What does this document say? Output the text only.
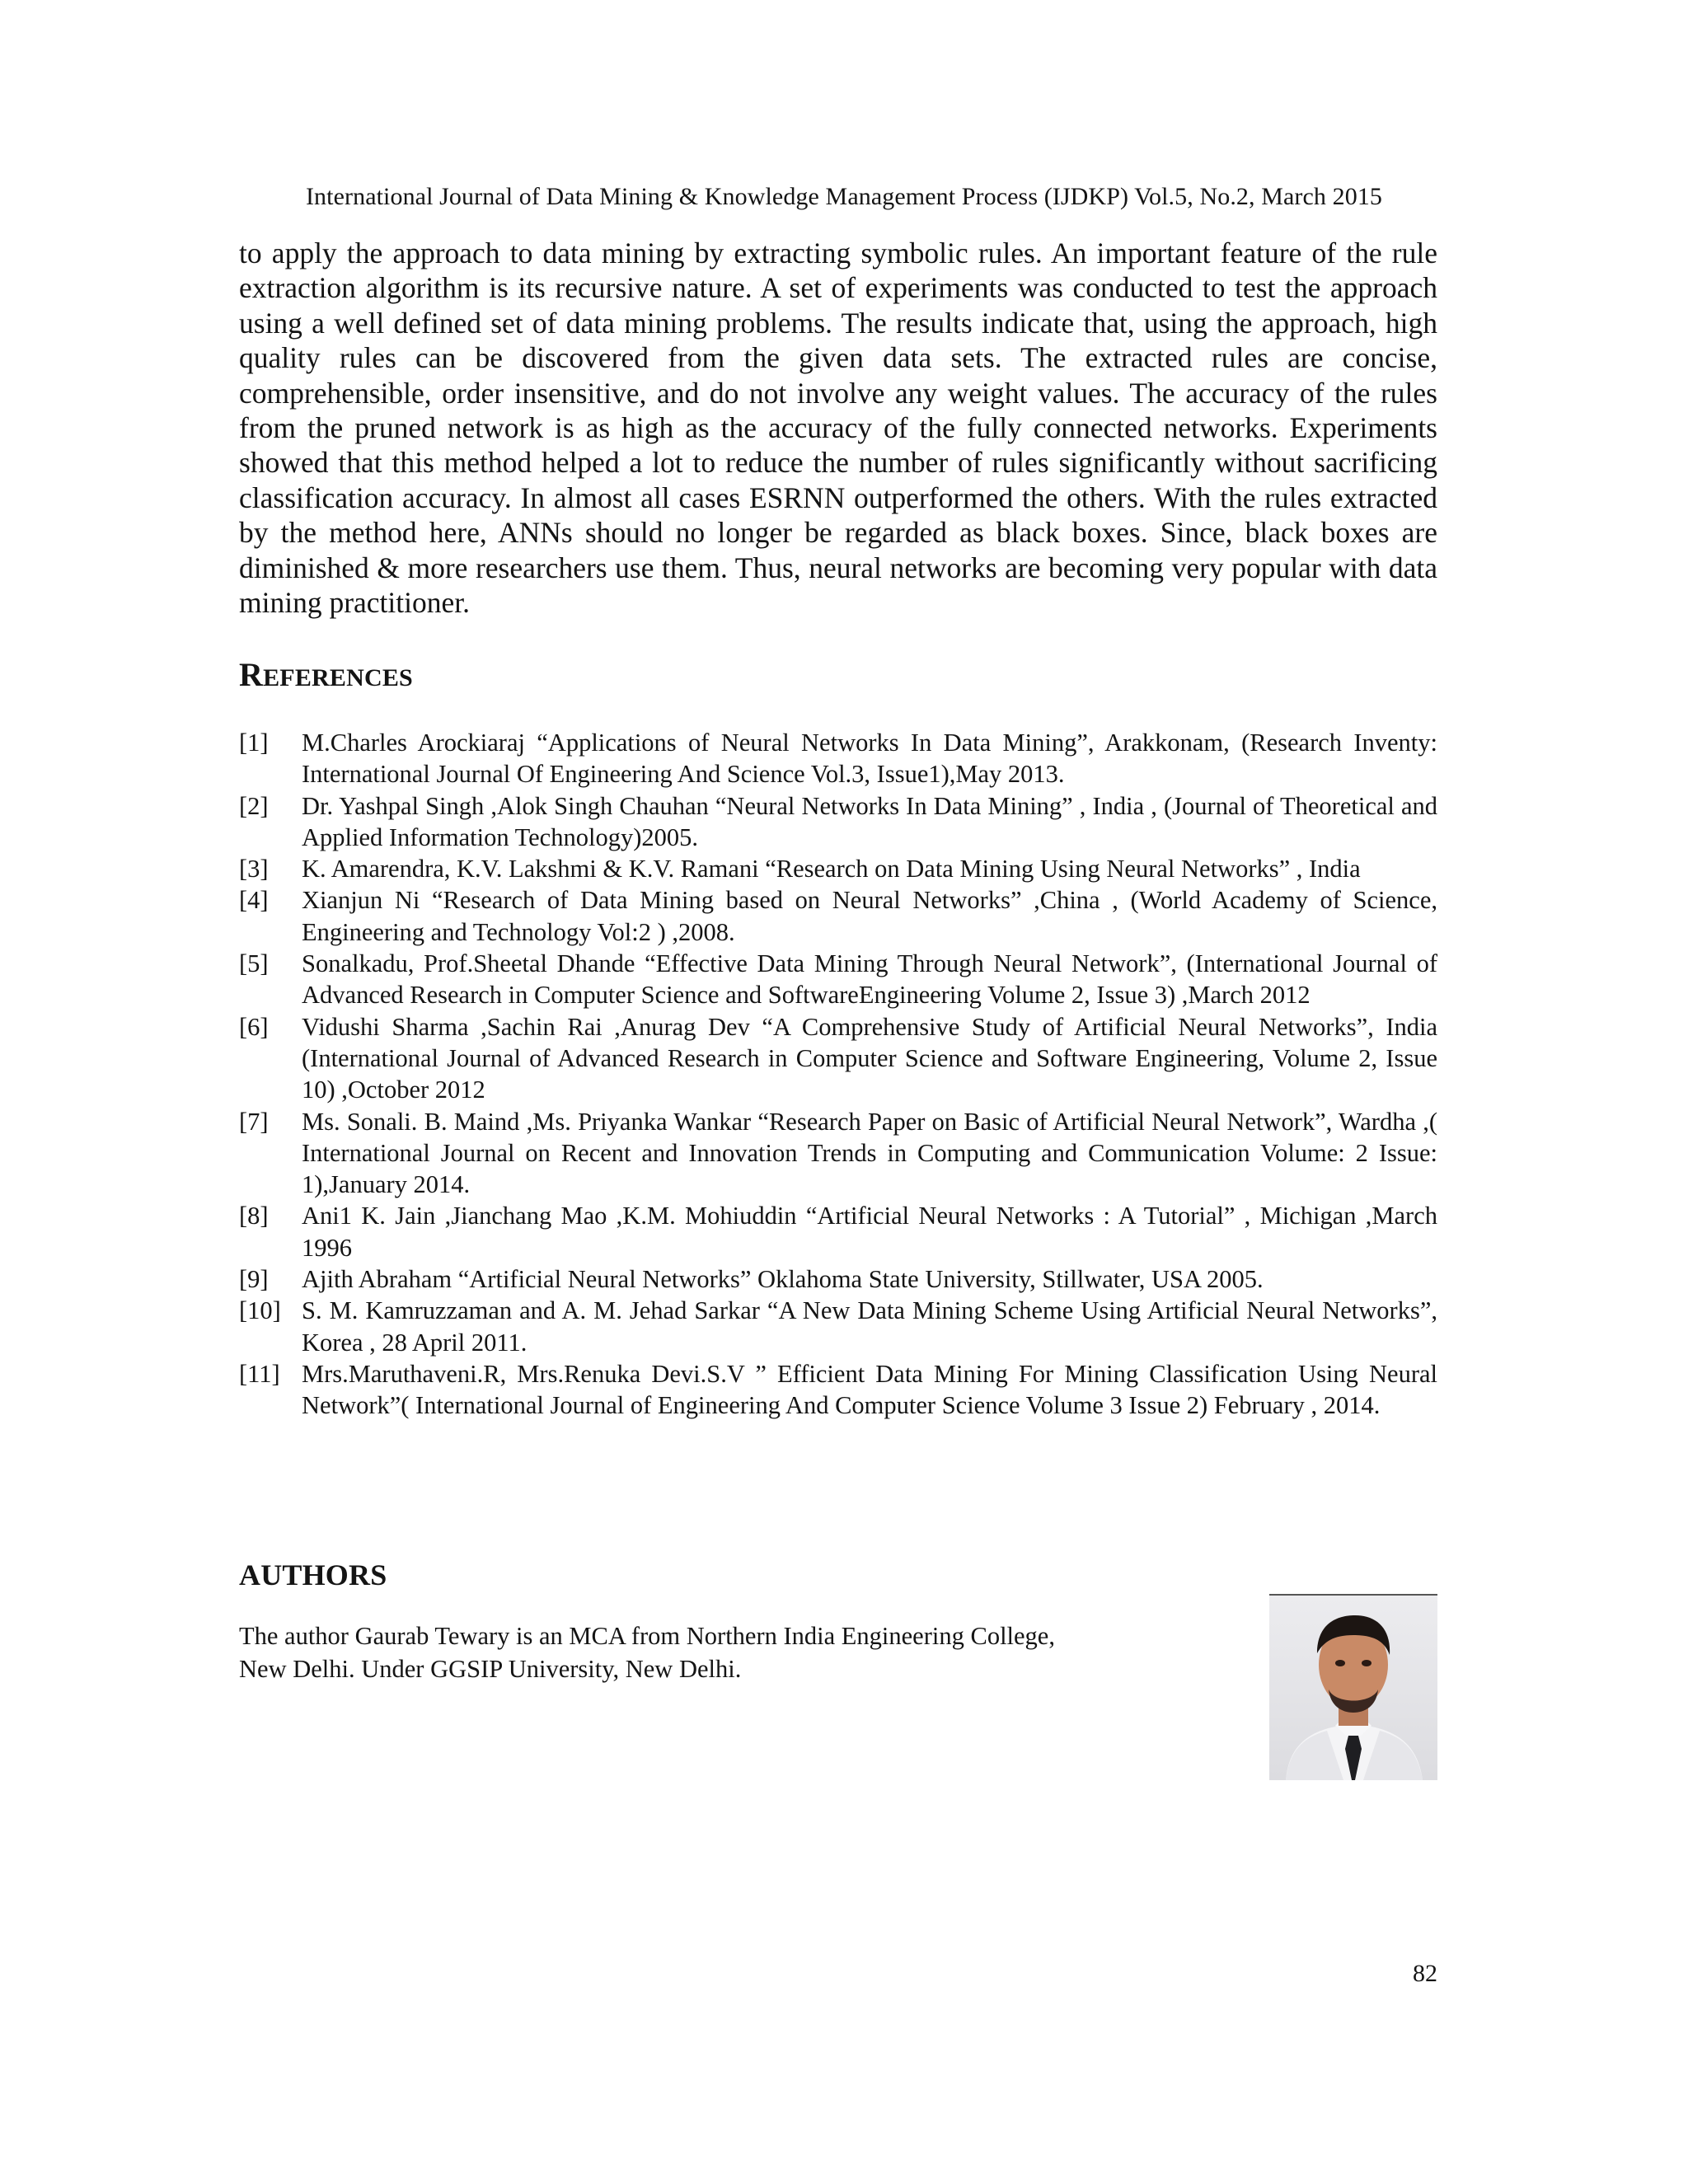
International Journal of Data Mining & Knowledge Management Process (IJDKP) Vol.5, No.2, March 2015

to apply the approach to data mining by extracting symbolic rules. An important feature of the rule extraction algorithm is its recursive nature. A set of experiments was conducted to test the approach using a well defined set of data mining problems. The results indicate that, using the approach, high quality rules can be discovered from the given data sets. The extracted rules are concise, comprehensible, order insensitive, and do not involve any weight values. The accuracy of the rules from the pruned network is as high as the accuracy of the fully connected networks. Experiments showed that this method helped a lot to reduce the number of rules significantly without sacrificing classification accuracy. In almost all cases ESRNN outperformed the others. With the rules extracted by the method here, ANNs should no longer be regarded as black boxes. Since, black boxes are diminished & more researchers use them. Thus, neural networks are becoming very popular with data mining practitioner.

REFERENCES
[1] M.Charles Arockiaraj “Applications of Neural Networks In Data Mining”, Arakkonam, (Research Inventy: International Journal Of Engineering And Science Vol.3, Issue1),May 2013.
[2] Dr. Yashpal Singh ,Alok Singh Chauhan “Neural Networks In Data Mining” , India , (Journal of Theoretical and Applied Information Technology)2005.
[3] K. Amarendra, K.V. Lakshmi & K.V. Ramani “Research on Data Mining Using Neural Networks” , India
[4] Xianjun Ni “Research of Data Mining based on Neural Networks” ,China , (World Academy of Science, Engineering and Technology Vol:2 ) ,2008.
[5] Sonalkadu, Prof.Sheetal Dhande “Effective Data Mining Through Neural Network”, (International Journal of Advanced Research in Computer Science and SoftwareEngineering Volume 2, Issue 3) ,March 2012
[6] Vidushi Sharma ,Sachin Rai ,Anurag Dev “A Comprehensive Study of Artificial Neural Networks”, India (International Journal of Advanced Research in Computer Science and Software Engineering, Volume 2, Issue 10) ,October 2012
[7] Ms. Sonali. B. Maind ,Ms. Priyanka Wankar “Research Paper on Basic of Artificial Neural Network”, Wardha ,( International Journal on Recent and Innovation Trends in Computing and Communication Volume: 2 Issue: 1),January 2014.
[8] Ani1 K. Jain ,Jianchang Mao ,K.M. Mohiuddin “Artificial Neural Networks : A Tutorial” , Michigan ,March 1996
[9] Ajith Abraham “Artificial Neural Networks” Oklahoma State University, Stillwater, USA 2005.
[10] S. M. Kamruzzaman and A. M. Jehad Sarkar “A New Data Mining Scheme Using Artificial Neural Networks”, Korea , 28 April 2011.
[11] Mrs.Maruthaveni.R, Mrs.Renuka Devi.S.V ” Efficient Data Mining For Mining Classification Using Neural Network”( International Journal of Engineering And Computer Science Volume 3 Issue 2) February , 2014.
AUTHORS

The author Gaurab Tewary is an MCA from Northern India Engineering College,
New Delhi. Under GGSIP University, New Delhi.

82
